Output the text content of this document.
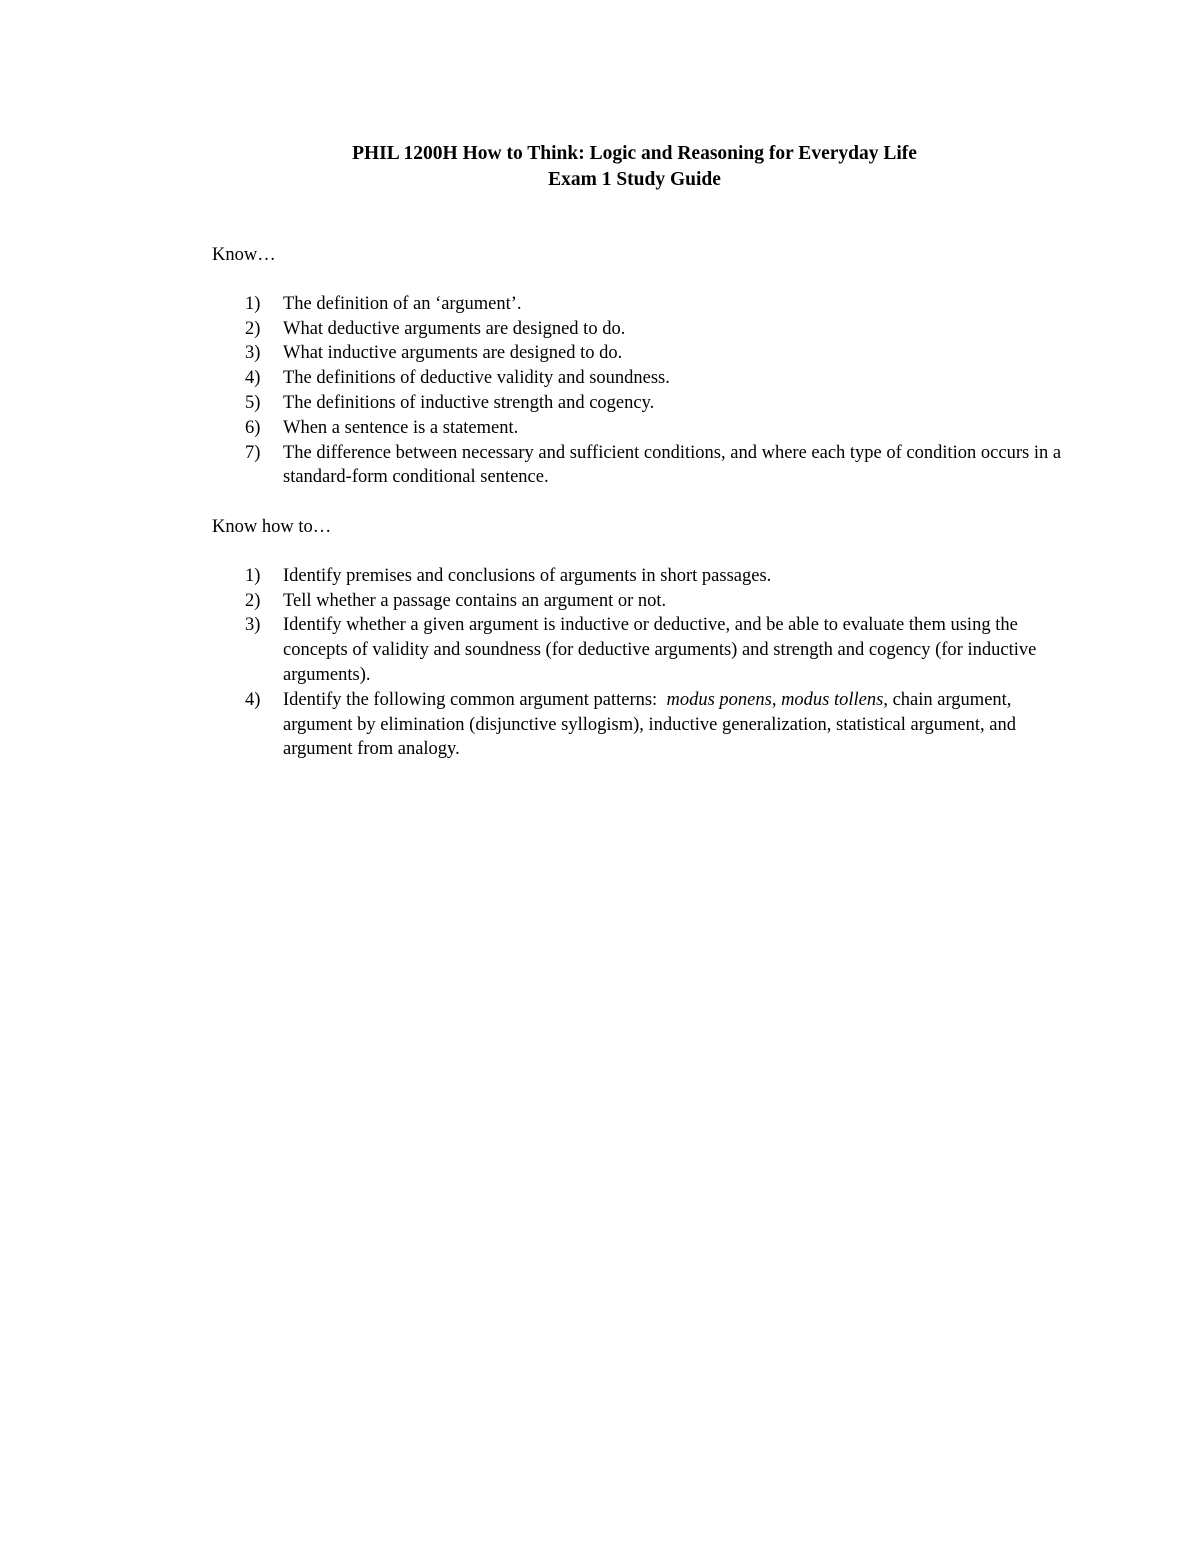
PHIL 1200H How to Think: Logic and Reasoning for Everyday Life
Exam 1 Study Guide

Know…

1) The definition of an ‘argument’.
2) What deductive arguments are designed to do.
3) What inductive arguments are designed to do.
4) The definitions of deductive validity and soundness.
5) The definitions of inductive strength and cogency.
6) When a sentence is a statement.
7) The difference between necessary and sufficient conditions, and where each type of condition occurs in a standard-form conditional sentence.

Know how to…

1) Identify premises and conclusions of arguments in short passages.
2) Tell whether a passage contains an argument or not.
3) Identify whether a given argument is inductive or deductive, and be able to evaluate them using the concepts of validity and soundness (for deductive arguments) and strength and cogency (for inductive arguments).
4) Identify the following common argument patterns:  modus ponens, modus tollens, chain argument, argument by elimination (disjunctive syllogism), inductive generalization, statistical argument, and argument from analogy.
